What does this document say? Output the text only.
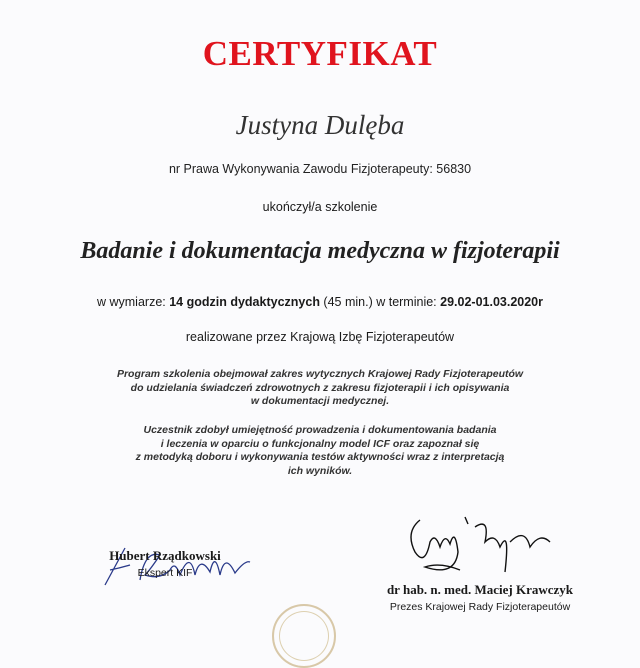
CERTYFIKAT
Justyna Dulęba
nr Prawa Wykonywania Zawodu Fizjoterapeuty: 56830
ukończył/a szkolenie
Badanie i dokumentacja medyczna w fizjoterapii
w wymiarze: 14 godzin dydaktycznych (45 min.) w terminie: 29.02-01.03.2020r
realizowane przez Krajową Izbę Fizjoterapeutów
Program szkolenia obejmował zakres wytycznych Krajowej Rady Fizjoterapeutów
do udzielania świadczeń zdrowotnych z zakresu fizjoterapii i ich opisywania
w dokumentacji medycznej.
Uczestnik zdobył umiejętność prowadzenia i dokumentowania badania
i leczenia w oparciu o funkcjonalny model ICF oraz zapoznał się
z metodyką doboru i wykonywania testów aktywności wraz z interpretacją
ich wyników.
Hubert Rządkowski
Ekspert KIF
dr hab. n. med. Maciej Krawczyk
Prezes Krajowej Rady Fizjoterapeutów
